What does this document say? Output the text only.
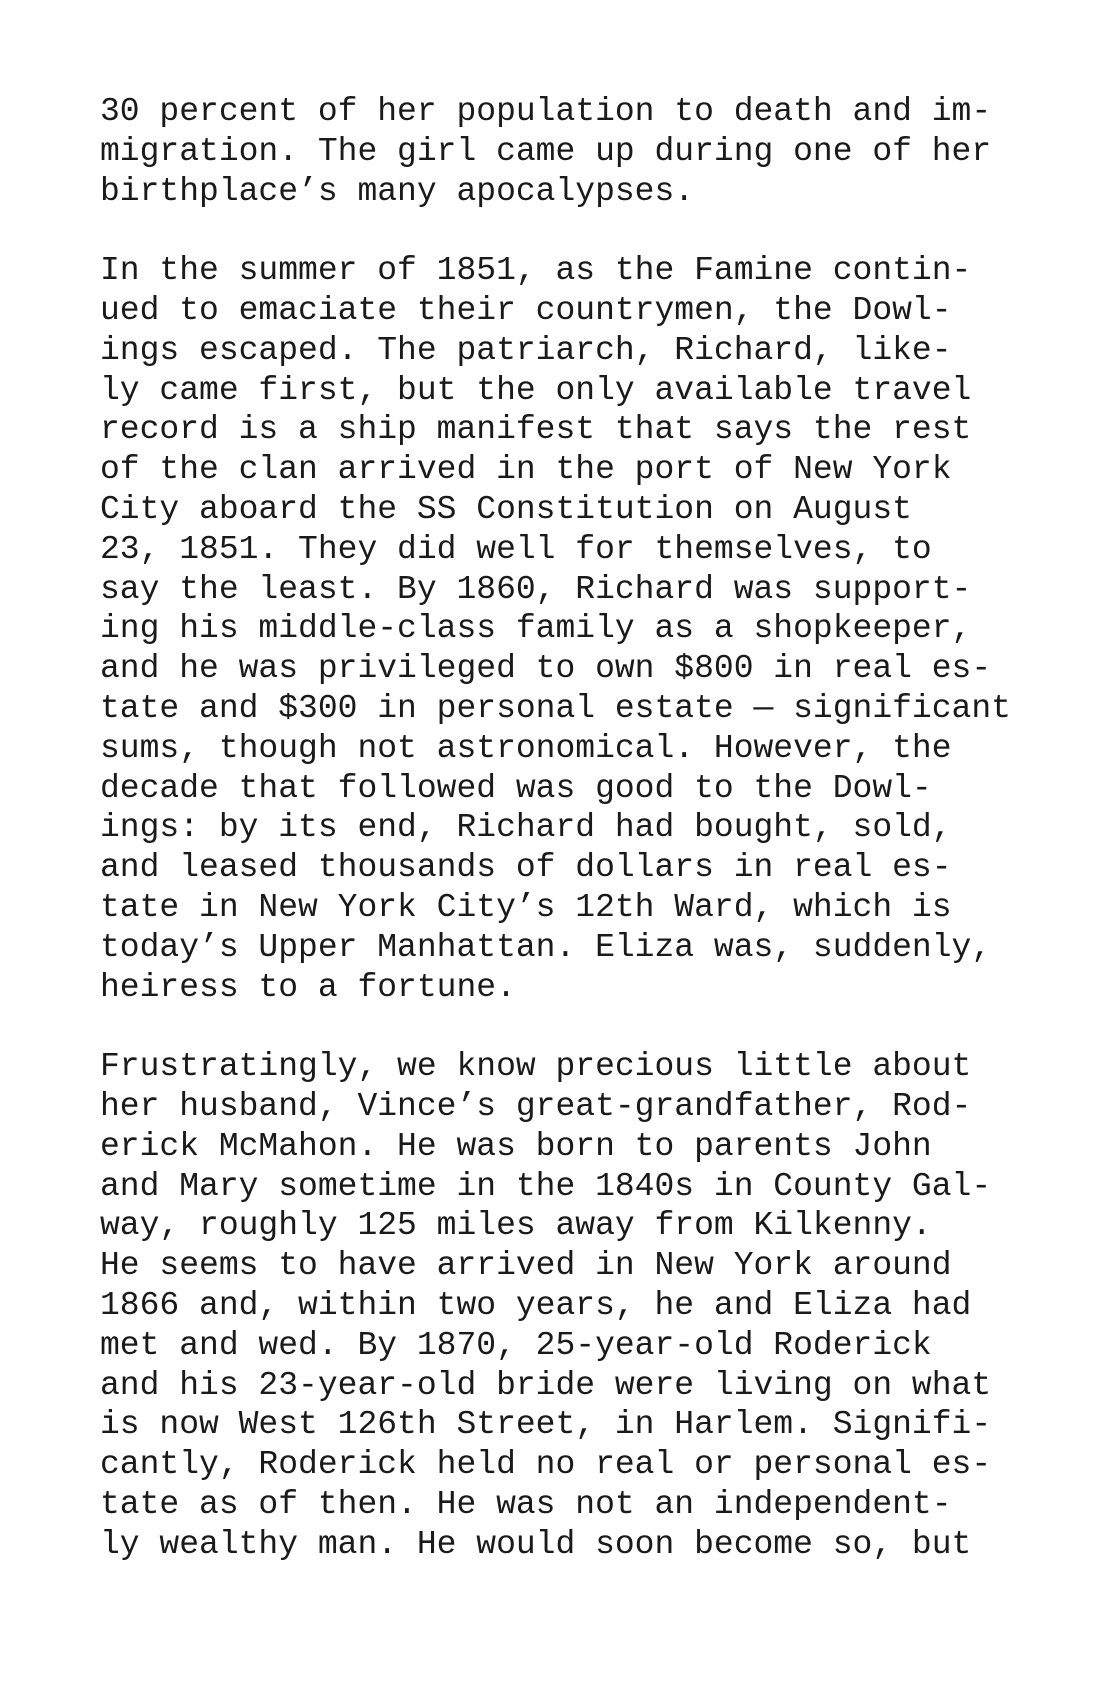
30 percent of her population to death and im-
migration. The girl came up during one of her
birthplace’s many apocalypses.
In the summer of 1851, as the Famine contin-
ued to emaciate their countrymen, the Dowl-
ings escaped. The patriarch, Richard, like-
ly came first, but the only available travel
record is a ship manifest that says the rest
of the clan arrived in the port of New York
City aboard the SS Constitution on August
23, 1851. They did well for themselves, to
say the least. By 1860, Richard was support-
ing his middle-class family as a shopkeeper,
and he was privileged to own $800 in real es-
tate and $300 in personal estate — significant
sums, though not astronomical. However, the
decade that followed was good to the Dowl-
ings: by its end, Richard had bought, sold,
and leased thousands of dollars in real es-
tate in New York City’s 12th Ward, which is
today’s Upper Manhattan. Eliza was, suddenly,
heiress to a fortune.
Frustratingly, we know precious little about
her husband, Vince’s great-grandfather, Rod-
erick McMahon. He was born to parents John
and Mary sometime in the 1840s in County Gal-
way, roughly 125 miles away from Kilkenny.
He seems to have arrived in New York around
1866 and, within two years, he and Eliza had
met and wed. By 1870, 25-year-old Roderick
and his 23-year-old bride were living on what
is now West 126th Street, in Harlem. Signifi-
cantly, Roderick held no real or personal es-
tate as of then. He was not an independent-
ly wealthy man. He would soon become so, but
